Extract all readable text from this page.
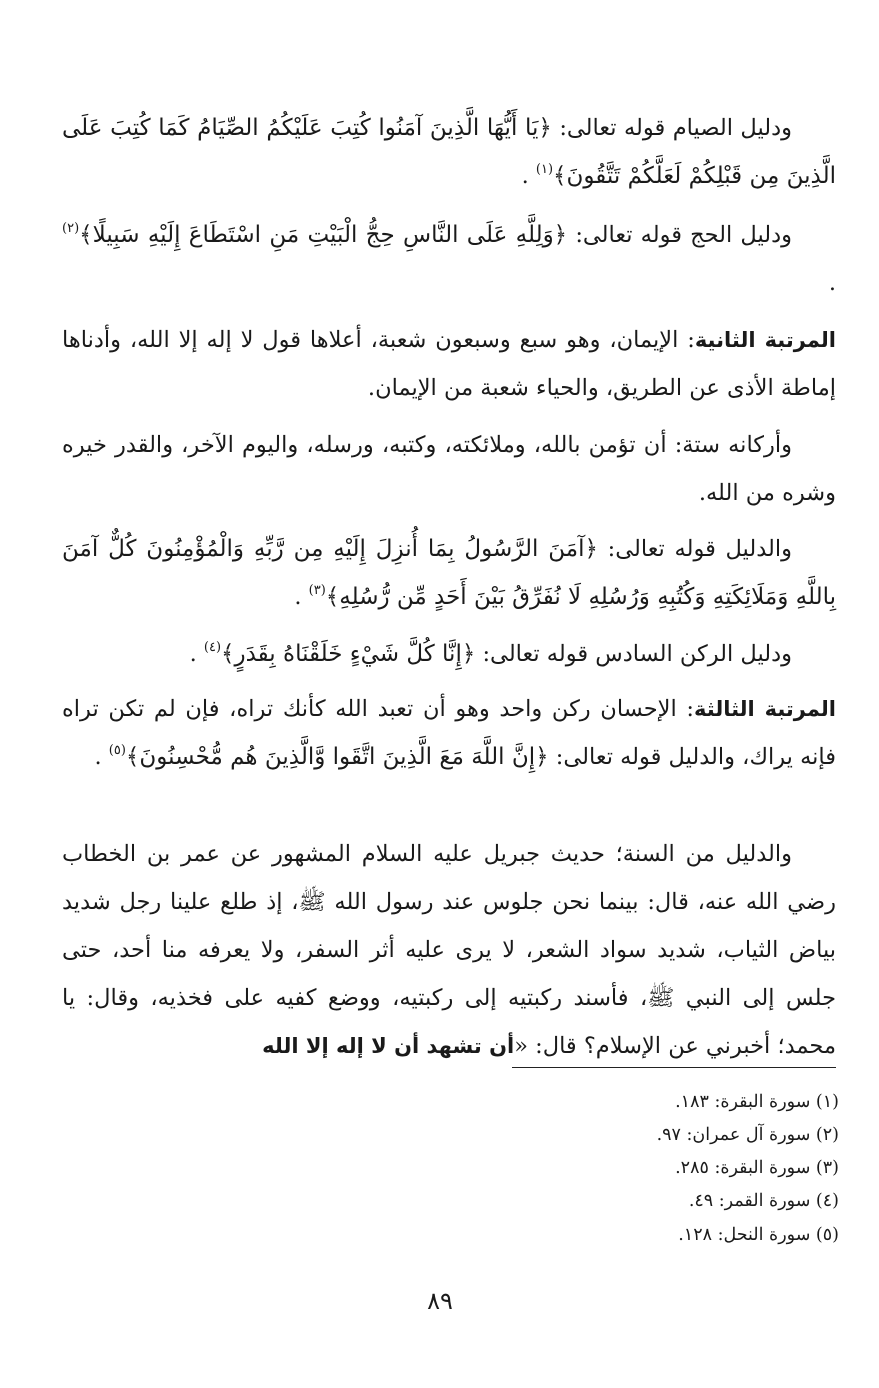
ودليل الصيام قوله تعالى: ﴿يَا أَيُّهَا الَّذِينَ آمَنُوا كُتِبَ عَلَيْكُمُ الصِّيَامُ كَمَا كُتِبَ عَلَى الَّذِينَ مِن قَبْلِكُمْ لَعَلَّكُمْ تَتَّقُونَ﴾$^{(١)}$ .

ودليل الحج قوله تعالى: ﴿وَلِلَّهِ عَلَى النَّاسِ حِجُّ الْبَيْتِ مَنِ اسْتَطَاعَ إِلَيْهِ سَبِيلًا﴾$^{(٢)}$ .

المرتبة الثانية: الإيمان، وهو سبع وسبعون شعبة، أعلاها قول لا إله إلا الله، وأدناها إماطة الأذى عن الطريق، والحياء شعبة من الإيمان.

وأركانه ستة: أن تؤمن بالله، وملائكته، وكتبه، ورسله، واليوم الآخر، والقدر خيره وشره من الله.

والدليل قوله تعالى: ﴿آمَنَ الرَّسُولُ بِمَا أُنزِلَ إِلَيْهِ مِن رَّبِّهِ وَالْمُؤْمِنُونَ كُلٌّ آمَنَ بِاللَّهِ وَمَلَائِكَتِهِ وَكُتُبِهِ وَرُسُلِهِ لَا نُفَرِّقُ بَيْنَ أَحَدٍ مِّن رُّسُلِهِ﴾$^{(٣)}$ .

ودليل الركن السادس قوله تعالى: ﴿إِنَّا كُلَّ شَيْءٍ خَلَقْنَاهُ بِقَدَرٍ﴾$^{(٤)}$ .

المرتبة الثالثة: الإحسان ركن واحد وهو أن تعبد الله كأنك تراه، فإن لم تكن تراه فإنه يراك، والدليل قوله تعالى: ﴿إِنَّ اللَّهَ مَعَ الَّذِينَ اتَّقَوا وَّالَّذِينَ هُم مُّحْسِنُونَ﴾$^{(٥)}$ .

والدليل من السنة؛ حديث جبريل عليه السلام المشهور عن عمر بن الخطاب رضي الله عنه، قال: بينما نحن جلوس عند رسول الله ﷺ، إذ طلع علينا رجل شديد بياض الثياب، شديد سواد الشعر، لا يرى عليه أثر السفر، ولا يعرفه منا أحد، حتى جلس إلى النبي ﷺ، فأسند ركبتيه إلى ركبتيه، ووضع كفيه على فخذيه، وقال: يا محمد؛ أخبرني عن الإسلام؟ قال: «أن تشهد أن لا إله إلا الله

(١) سورة البقرة: ١٨٣.

(٢) سورة آل عمران: ٩٧.

(٣) سورة البقرة: ٢٨٥.

(٤) سورة القمر: ٤٩.

(٥) سورة النحل: ١٢٨.

٨٩
